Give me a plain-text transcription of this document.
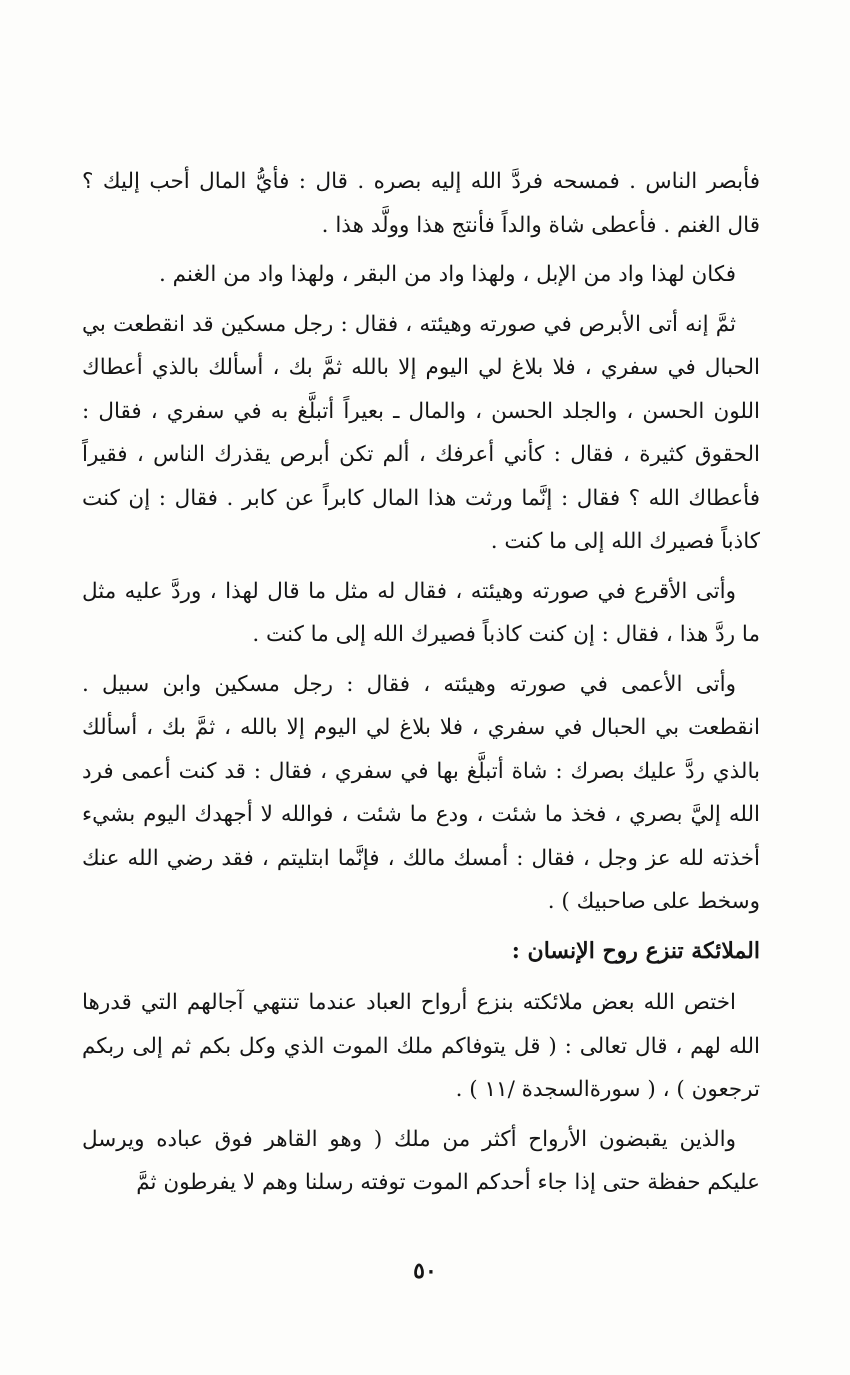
فأبصر الناس . فمسحه فردَّ الله إليه بصره . قال : فأيُّ المال أحب إليك ؟ قال الغنم . فأعطى شاة والداً فأنتج هذا وولَّد هذا .

فكان لهذا واد من الإبل ، ولهذا واد من البقر ، ولهذا واد من الغنم .

ثمَّ إنه أتى الأبرص في صورته وهيئته ، فقال : رجل مسكين قد انقطعت بي الحبال في سفري ، فلا بلاغ لي اليوم إلا بالله ثمَّ بك ، أسألك بالذي أعطاك اللون الحسن ، والجلد الحسن ، والمال ـ بعيراً أتبلَّغ به في سفري ، فقال : الحقوق كثيرة ، فقال : كأني أعرفك ، ألم تكن أبرص يقذرك الناس ، فقيراً فأعطاك الله ؟ فقال : إنَّما ورثت هذا المال كابراً عن كابر . فقال : إن كنت كاذباً فصيرك الله إلى ما كنت .

وأتى الأقرع في صورته وهيئته ، فقال له مثل ما قال لهذا ، وردَّ عليه مثل ما ردَّ هذا ، فقال : إن كنت كاذباً فصيرك الله إلى ما كنت .

وأتى الأعمى في صورته وهيئته ، فقال : رجل مسكين وابن سبيل . انقطعت بي الحبال في سفري ، فلا بلاغ لي اليوم إلا بالله ، ثمَّ بك ، أسألك بالذي ردَّ عليك بصرك : شاة أتبلَّغ بها في سفري ، فقال : قد كنت أعمى فرد الله إليَّ بصري ، فخذ ما شئت ، ودع ما شئت ، فوالله لا أجهدك اليوم بشيء أخذته لله عز وجل ، فقال : أمسك مالك ، فإنَّما ابتليتم ، فقد رضي الله عنك وسخط على صاحبيك ) .

الملائكة تنزع روح الإنسان :

اختص الله بعض ملائكته بنزع أرواح العباد عندما تنتهي آجالهم التي قدرها الله لهم ، قال تعالى : ( قل يتوفاكم ملك الموت الذي وكل بكم ثم إلى ربكم ترجعون ) ، ( سورةالسجدة /١١ ) .

والذين يقبضون الأرواح أكثر من ملك ( وهو القاهر فوق عباده ويرسل عليكم حفظة حتى إذا جاء أحدكم الموت توفته رسلنا وهم لا يفرطون ثمَّ

٥٠
